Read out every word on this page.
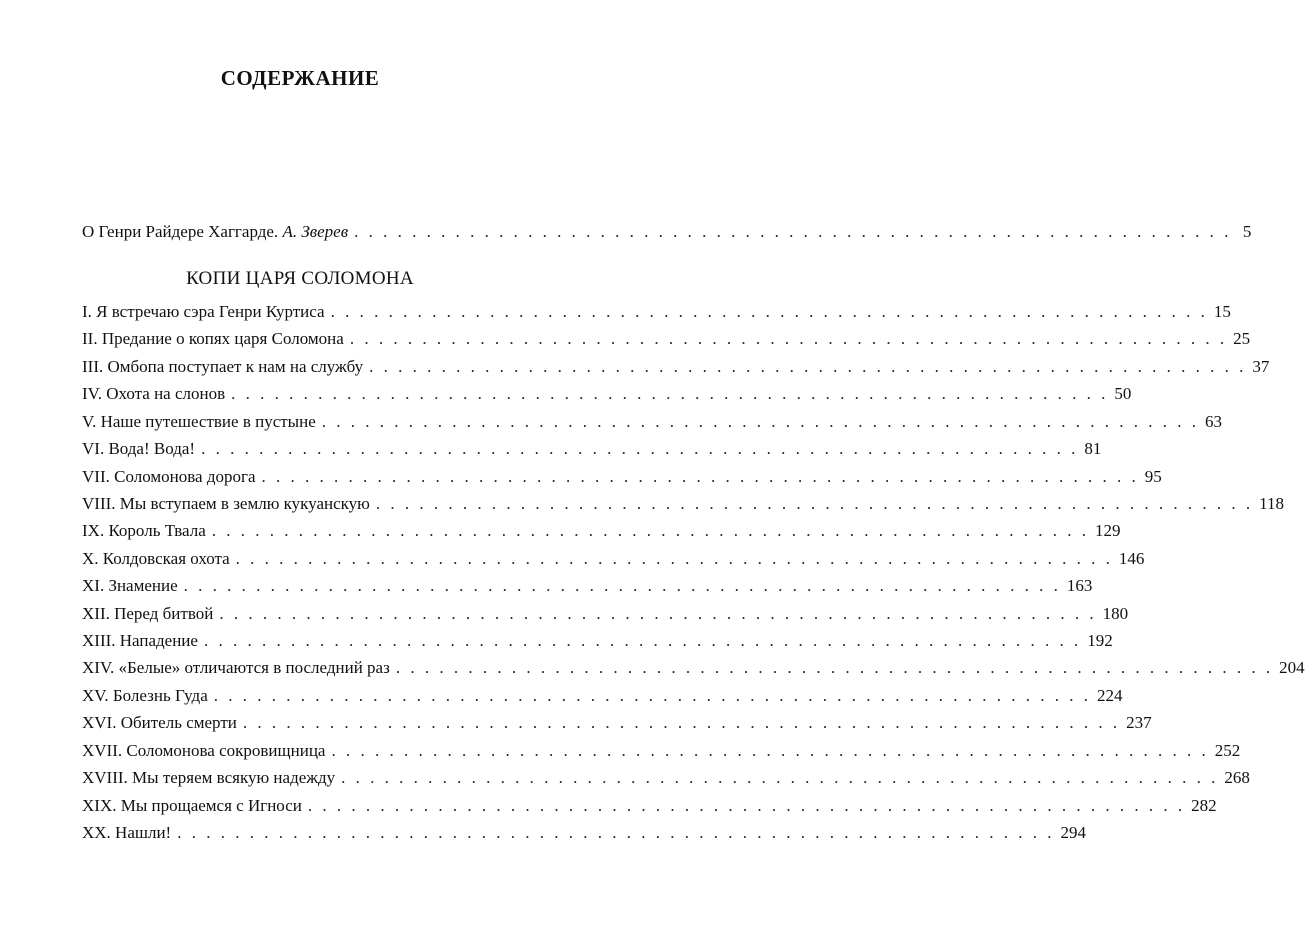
СОДЕРЖАНИЕ
О Генри Райдере Хаггарде. А. Зверев . . . . . . . . . . . . . . . . . . . . . . . . . . . . . . . . . . . . . . . . . . . . . . . . . . . . . . . . . . . . . 5
КОПИ ЦАРЯ СОЛОМОНА
I. Я встречаю сэра Генри Куртиса . . . . . . . . . . . . . . . . . . . . . . . . . . . . . . . . . . . . . . . . . . . . . . . . . . . . . . . . . . . . . 15
II. Предание о копях царя Соломона . . . . . . . . . . . . . . . . . . . . . . . . . . . . . . . . . . . . . . . . . . . . . . . . . . . . . . . . . . . . . 25
III. Омбопа поступает к нам на службу . . . . . . . . . . . . . . . . . . . . . . . . . . . . . . . . . . . . . . . . . . . . . . . . . . . . . . . . . . . . . 37
IV. Охота на слонов . . . . . . . . . . . . . . . . . . . . . . . . . . . . . . . . . . . . . . . . . . . . . . . . . . . . . . . . . . . . . 50
V. Наше путешествие в пустыне . . . . . . . . . . . . . . . . . . . . . . . . . . . . . . . . . . . . . . . . . . . . . . . . . . . . . . . . . . . . . 63
VI. Вода! Вода! . . . . . . . . . . . . . . . . . . . . . . . . . . . . . . . . . . . . . . . . . . . . . . . . . . . . . . . . . . . . . 81
VII. Соломонова дорога . . . . . . . . . . . . . . . . . . . . . . . . . . . . . . . . . . . . . . . . . . . . . . . . . . . . . . . . . . . . . 95
VIII. Мы вступаем в землю кукуанскую . . . . . . . . . . . . . . . . . . . . . . . . . . . . . . . . . . . . . . . . . . . . . . . . . . . . . . . . . . . . . 118
IX. Король Твала . . . . . . . . . . . . . . . . . . . . . . . . . . . . . . . . . . . . . . . . . . . . . . . . . . . . . . . . . . . . . 129
X. Колдовская охота . . . . . . . . . . . . . . . . . . . . . . . . . . . . . . . . . . . . . . . . . . . . . . . . . . . . . . . . . . . . . 146
XI. Знамение . . . . . . . . . . . . . . . . . . . . . . . . . . . . . . . . . . . . . . . . . . . . . . . . . . . . . . . . . . . . . 163
XII. Перед битвой . . . . . . . . . . . . . . . . . . . . . . . . . . . . . . . . . . . . . . . . . . . . . . . . . . . . . . . . . . . . . 180
XIII. Нападение . . . . . . . . . . . . . . . . . . . . . . . . . . . . . . . . . . . . . . . . . . . . . . . . . . . . . . . . . . . . . 192
XIV. «Белые» отличаются в последний раз . . . . . . . . . . . . . . . . . . . . . . . . . . . . . . . . . . . . . . . . . . . . . . . . . . . . . . . . . . . . . 204
XV. Болезнь Гуда . . . . . . . . . . . . . . . . . . . . . . . . . . . . . . . . . . . . . . . . . . . . . . . . . . . . . . . . . . . . . 224
XVI. Обитель смерти . . . . . . . . . . . . . . . . . . . . . . . . . . . . . . . . . . . . . . . . . . . . . . . . . . . . . . . . . . . . . 237
XVII. Соломонова сокровищница . . . . . . . . . . . . . . . . . . . . . . . . . . . . . . . . . . . . . . . . . . . . . . . . . . . . . . . . . . . . . 252
XVIII. Мы теряем всякую надежду . . . . . . . . . . . . . . . . . . . . . . . . . . . . . . . . . . . . . . . . . . . . . . . . . . . . . . . . . . . . . 268
XIX. Мы прощаемся с Игноси . . . . . . . . . . . . . . . . . . . . . . . . . . . . . . . . . . . . . . . . . . . . . . . . . . . . . . . . . . . . . 282
XX. Нашли! . . . . . . . . . . . . . . . . . . . . . . . . . . . . . . . . . . . . . . . . . . . . . . . . . . . . . . . . . . . . . 294
